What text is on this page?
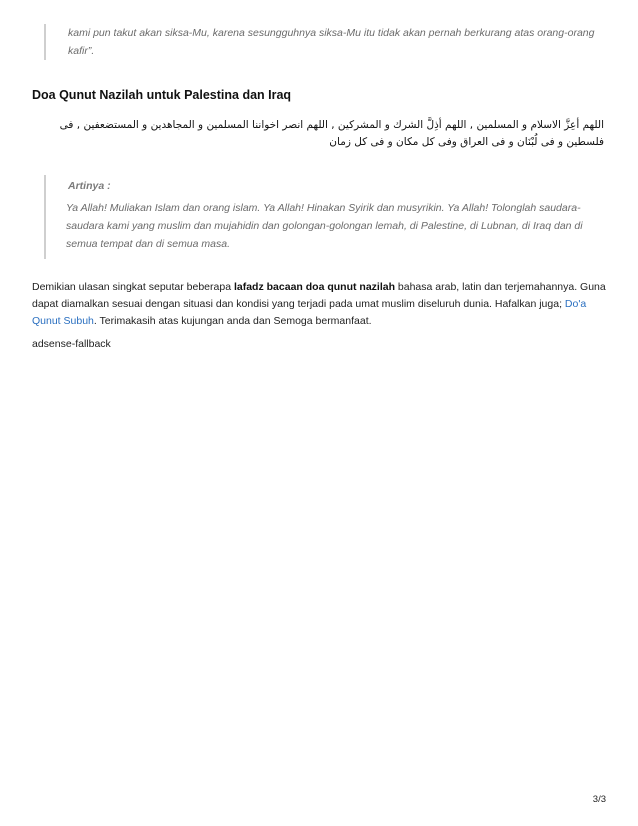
kami pun takut akan siksa-Mu, karena sesungguhnya siksa-Mu itu tidak akan pernah berkurang atas orang-orang kafir”.

Doa Qunut Nazilah untuk Palestina dan Iraq

اللهم أعِزَّ الاسلام و المسلمين , اللهم أذِلَّ الشرك و المشركين , اللهم انصر اخواننا المسلمين و المجاهدين و المستضعفين , فى فلسطين و فى لُبْنَان و فى العراق وفى كل مكان و فى كل زمان

Artinya :

Ya Allah! Muliakan Islam dan orang islam. Ya Allah! Hinakan Syirik dan musyrikin. Ya Allah! Tolonglah saudara-saudara kami yang muslim dan mujahidin dan golongan-golongan lemah, di Palestine, di Lubnan, di Iraq dan di semua tempat dan di semua masa.

Demikian ulasan singkat seputar beberapa lafadz bacaan doa qunut nazilah bahasa arab, latin dan terjemahannya. Guna dapat diamalkan sesuai dengan situasi dan kondisi yang terjadi pada umat muslim diseluruh dunia. Hafalkan juga; Do'a Qunut Subuh. Terimakasih atas kujungan anda dan Semoga bermanfaat.

adsense-fallback

3/3
